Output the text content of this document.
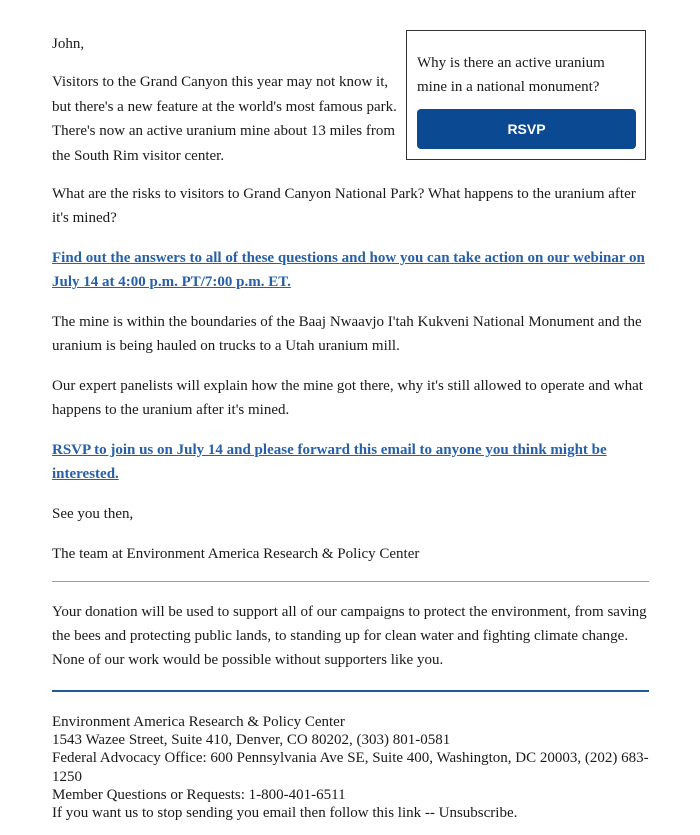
John,

Visitors to the Grand Canyon this year may not know it, but there's a new feature at the world's most famous park. There's now an active uranium mine about 13 miles from the South Rim visitor center.

Why is there an active uranium mine in a national monument?

RSVP

What are the risks to visitors to Grand Canyon National Park? What happens to the uranium after it's mined?

Find out the answers to all of these questions and how you can take action on our webinar on July 14 at 4:00 p.m. PT/7:00 p.m. ET.

The mine is within the boundaries of the Baaj Nwaavjo I'tah Kukveni National Monument and the uranium is being hauled on trucks to a Utah uranium mill.

Our expert panelists will explain how the mine got there, why it's still allowed to operate and what happens to the uranium after it's mined.

RSVP to join us on July 14 and please forward this email to anyone you think might be interested.

See you then,

The team at Environment America Research & Policy Center

Your donation will be used to support all of our campaigns to protect the environment, from saving the bees and protecting public lands, to standing up for clean water and fighting climate change. None of our work would be possible without supporters like you.

Environment America Research & Policy Center
1543 Wazee Street, Suite 410, Denver, CO 80202, (303) 801-0581
Federal Advocacy Office: 600 Pennsylvania Ave SE, Suite 400, Washington, DC 20003, (202) 683-1250
Member Questions or Requests: 1-800-401-6511
If you want us to stop sending you email then follow this link -- Unsubscribe.
